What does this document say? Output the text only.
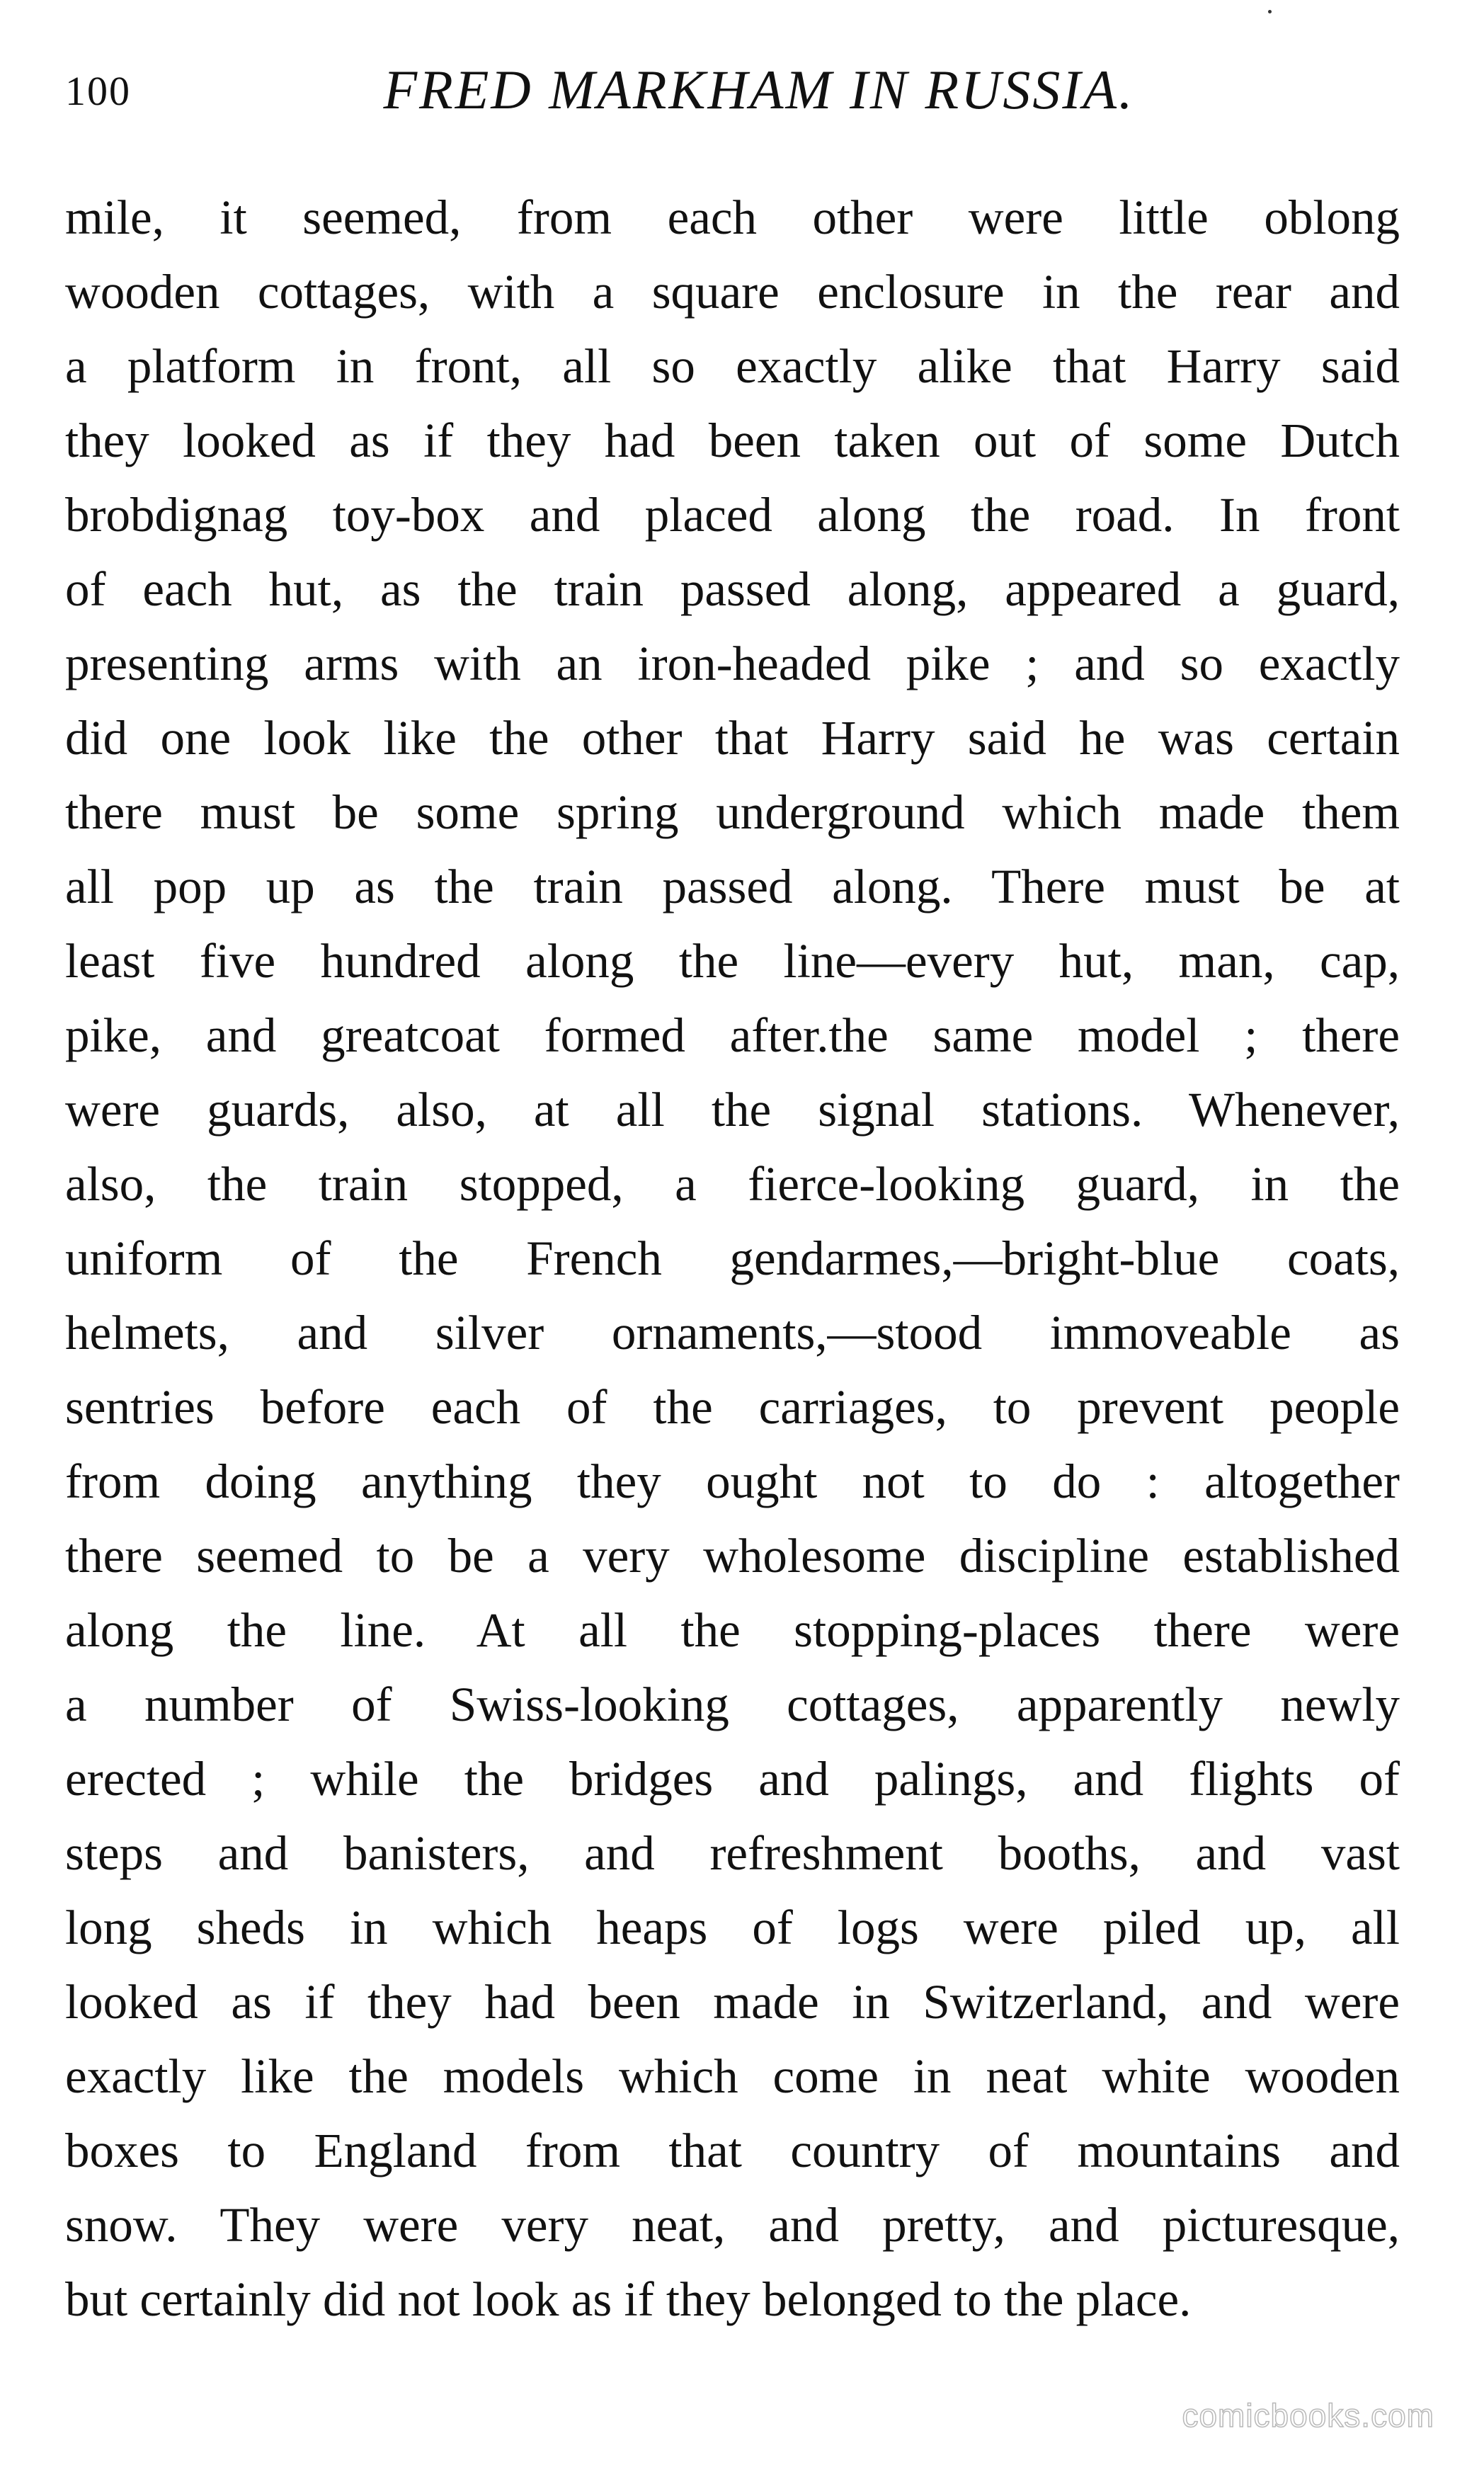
100	FRED MARKHAM IN RUSSIA.
mile, it seemed, from each other were little oblong
wooden cottages, with a square enclosure in the rear and
a platform in front, all so exactly alike that Harry said
they looked as if they had been taken out of some Dutch
brobdignag toy-box and placed along the road. In front
of each hut, as the train passed along, appeared a guard,
presenting arms with an iron-headed pike ; and so exactly
did one look like the other that Harry said he was certain
there must be some spring underground which made them
all pop up as the train passed along. There must be at
least five hundred along the line—every hut, man, cap,
pike, and greatcoat formed after.the same model ; there
were guards, also, at all the signal stations. Whenever,
also, the train stopped, a fierce-looking guard, in the
uniform of the French gendarmes,—bright-blue coats,
helmets, and silver ornaments,—stood immoveable as
sentries before each of the carriages, to prevent people
from doing anything they ought not to do : altogether
there seemed to be a very wholesome discipline established
along the line. At all the stopping-places there were
a number of Swiss-looking cottages, apparently newly
erected ; while the bridges and palings, and flights of
steps and banisters, and refreshment booths, and vast
long sheds in which heaps of logs were piled up, all
looked as if they had been made in Switzerland, and were
exactly like the models which come in neat white wooden
boxes to England from that country of mountains and
snow. They were very neat, and pretty, and picturesque,
but certainly did not look as if they belonged to the place.
comicbooks.com
